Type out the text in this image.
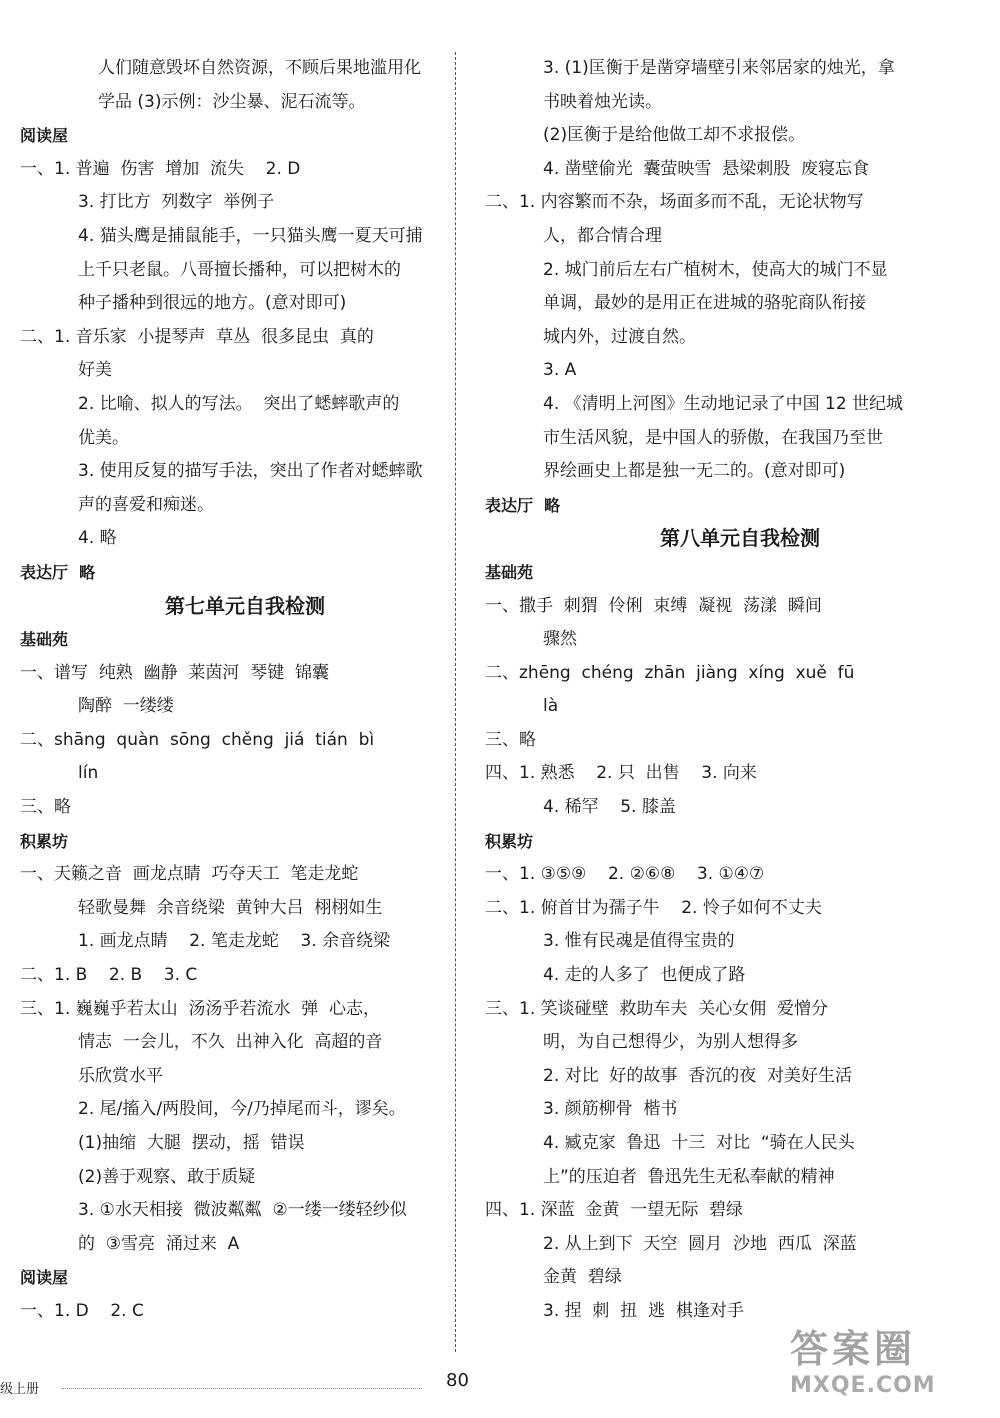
人们随意毁坏自然资源，不顾后果地滥用化
学品 (3)示例：沙尘暴、泥石流等。
阅读屋
一、1. 普遍  伤害  增加  流失    2. D
3. 打比方  列数字  举例子
4. 猫头鹰是捕鼠能手，一只猫头鹰一夏天可捕
上千只老鼠。八哥擅长播种，可以把树木的
种子播种到很远的地方。(意对即可)
二、1. 音乐家  小提琴声  草丛  很多昆虫  真的
好美
2. 比喻、拟人的写法。  突出了蟋蟀歌声的
优美。
3. 使用反复的描写手法，突出了作者对蟋蟀歌
声的喜爱和痴迷。
4. 略
表达厅  略
第七单元自我检测
基础苑
一、谱写  纯熟  幽静  莱茵河  琴键  锦囊
陶醉  一缕缕
二、shāng  quàn  sōng  chěng  jiá  tián  bì
lín
三、略
积累坊
一、天籁之音  画龙点睛  巧夺天工  笔走龙蛇
轻歌曼舞  余音绕梁  黄钟大吕  栩栩如生
1. 画龙点睛    2. 笔走龙蛇    3. 余音绕梁
二、1. B    2. B    3. C
三、1. 巍巍乎若太山  汤汤乎若流水  弹  心志，
情志  一会儿，不久  出神入化  高超的音
乐欣赏水平
2. 尾/搐入/两股间，今/乃掉尾而斗，谬矣。
(1)抽缩  大腿  摆动，摇  错误
(2)善于观察、敢于质疑
3. ①水天相接  微波粼粼  ②一缕一缕轻纱似
的  ③雪亮  涌过来  A
阅读屋
一、1. D    2. C
3. (1)匡衡于是凿穿墙壁引来邻居家的烛光，拿
书映着烛光读。
(2)匡衡于是给他做工却不求报偿。
4. 凿壁偷光  囊萤映雪  悬梁刺股  废寝忘食
二、1. 内容繁而不杂，场面多而不乱，无论状物写
人，都合情合理
2. 城门前后左右广植树木，使高大的城门不显
单调，最妙的是用正在进城的骆驼商队衔接
城内外，过渡自然。
3. A
4. 《清明上河图》生动地记录了中国 12 世纪城
市生活风貌，是中国人的骄傲，在我国乃至世
界绘画史上都是独一无二的。(意对即可)
表达厅  略
第八单元自我检测
基础苑
一、撒手  刺猬  伶俐  束缚  凝视  荡漾  瞬间
骤然
二、zhēng  chéng  zhān  jiàng  xíng  xuě  fū
là
三、略
四、1. 熟悉    2. 只  出售    3. 向来
4. 稀罕    5. 膝盖
积累坊
一、1. ③⑤⑨    2. ②⑥⑧    3. ①④⑦
二、1. 俯首甘为孺子牛    2. 怜子如何不丈夫
3. 惟有民魂是值得宝贵的
4. 走的人多了  也便成了路
三、1. 笑谈碰壁  救助车夫  关心女佣  爱憎分
明，为自己想得少，为别人想得多
2. 对比  好的故事  香沉的夜  对美好生活
3. 颜筋柳骨  楷书
4. 臧克家  鲁迅  十三  对比  “骑在人民头
上”的压迫者  鲁迅先生无私奉献的精神
四、1. 深蓝  金黄  一望无际  碧绿
2. 从上到下  天空  圆月  沙地  西瓜  深蓝
金黄  碧绿
3. 捏  刺  扭  逃  棋逢对手
级上册	80
答案圈
MXQE.COM
